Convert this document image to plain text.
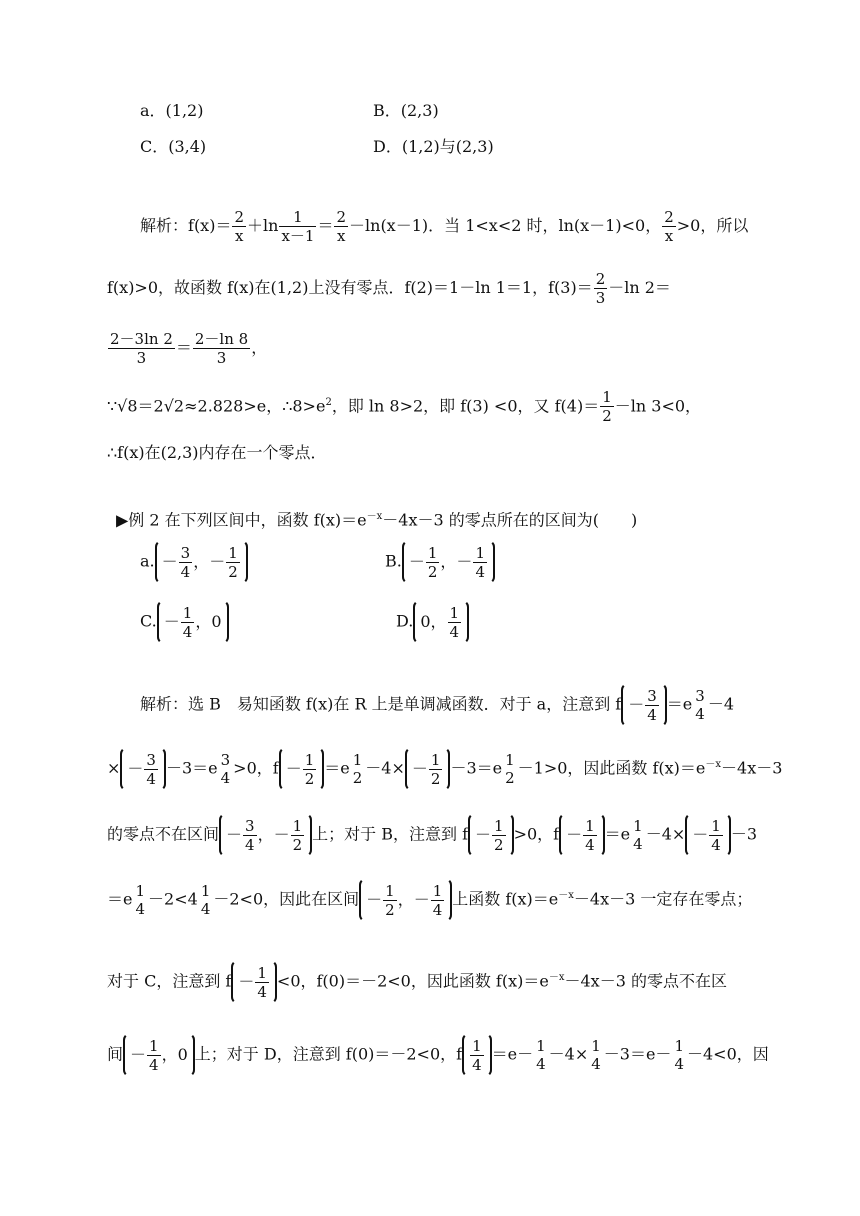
a．(1,2)	B．(2,3)
C．(3,4)	D．(1,2)与(2,3)
解析：$f(x)= \frac{2}{x} +\ln \frac{1}{x-1} = \frac{2}{x} -\ln(x-1)$．当 1<x<2 时，ln(x－1)<0， $\frac{2}{x} >0$，所以
f(x)>0，故函数 f(x)在(1,2)上没有零点．f(2)＝1－ln 1＝1，$f(3)= \frac{2}{3} -\ln$ 2＝
$\frac{2-3\ln 2}{3} = \frac{2-\ln 8}{3}$ ，
∵√8＝2√2≈2.828>e，$\therefore 8>e^2$，即 ln 8>2，即 f(3) <0，又 $f(4)= \frac{1}{2} -\ln$ 3<0，
∴f(x)在(2,3)内存在一个零点．
▶例 2 在下列区间中，函数 $f(x)=e^{-x}-4x-3$ 的零点所在的区间为(　　)
a. － $\frac{3}{4}$ ，－ $\frac{1}{2}$	B. － $\frac{1}{2}$ ，－ $\frac{1}{4}$
C. － $\frac{1}{4}$ ，0	D. 0， $\frac{1}{4}$
解析：选 B　易知函数 f(x)在 R 上是单调减函数．对于 a，注意到 $f - \frac{3}{4} =e$ 3
4
－4
× － $\frac{3}{4} -3=e$ 3
4
>0，$f - \frac{1}{2} =e$ 1
2
$-4\times - \frac{1}{2} -3=e$ 1
2
－1>0，因此函数 $f(x)=e^{-x}-4x-3$
的零点不在区间 － $\frac{3}{4}$ ，－ $\frac{1}{2}$ 上；对于 B，注意到 $f - \frac{1}{2} >0$，$f - \frac{1}{4} =e$ 1
4
$-4\times - \frac{1}{4} -3$
＝e 1
4
－2<4 1
4
－2<0，因此在区间 － $\frac{1}{2}$ ，－ $\frac{1}{4}$ 上函数 $f(x)=e^{-x}-4x-3$ 一定存在零点；
对于 C，注意到 $f - \frac{1}{4} <0$，f(0)＝－2<0，因此函数 $f(x)=e^{-x}-4x-3$ 的零点不在区
间 － $\frac{1}{4}$ ，0 上；对于 D，注意到 f(0)＝－2<0，f $\frac{1}{4} =e- 1$
4
－4× 1
4
－3＝e－ 1
4
－4<0，因
